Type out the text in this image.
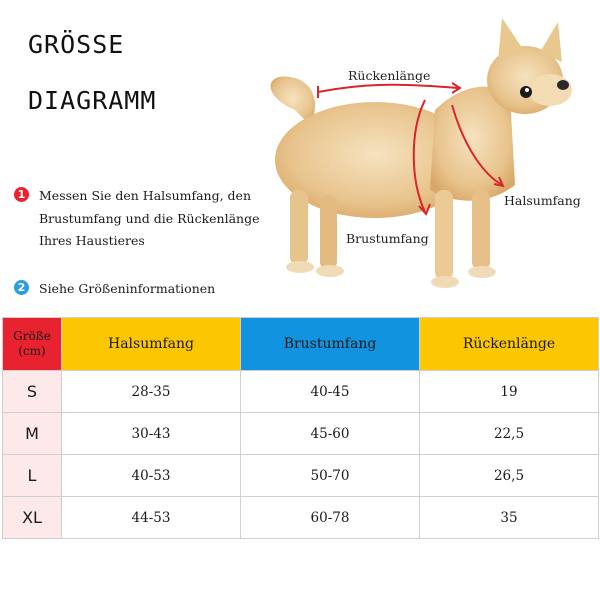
GRÖSSE
DIAGRAMM
1 Messen Sie den Halsumfang, den Brustumfang und die Rückenlänge Ihres Haustieres
2 Siehe Größeninformationen
Rückenlänge
Halsumfang
Brustumfang
Größe (cm)	Halsumfang	Brustumfang	Rückenlänge
S	28-35	40-45	19
M	30-43	45-60	22,5
L	40-53	50-70	26,5
XL	44-53	60-78	35
